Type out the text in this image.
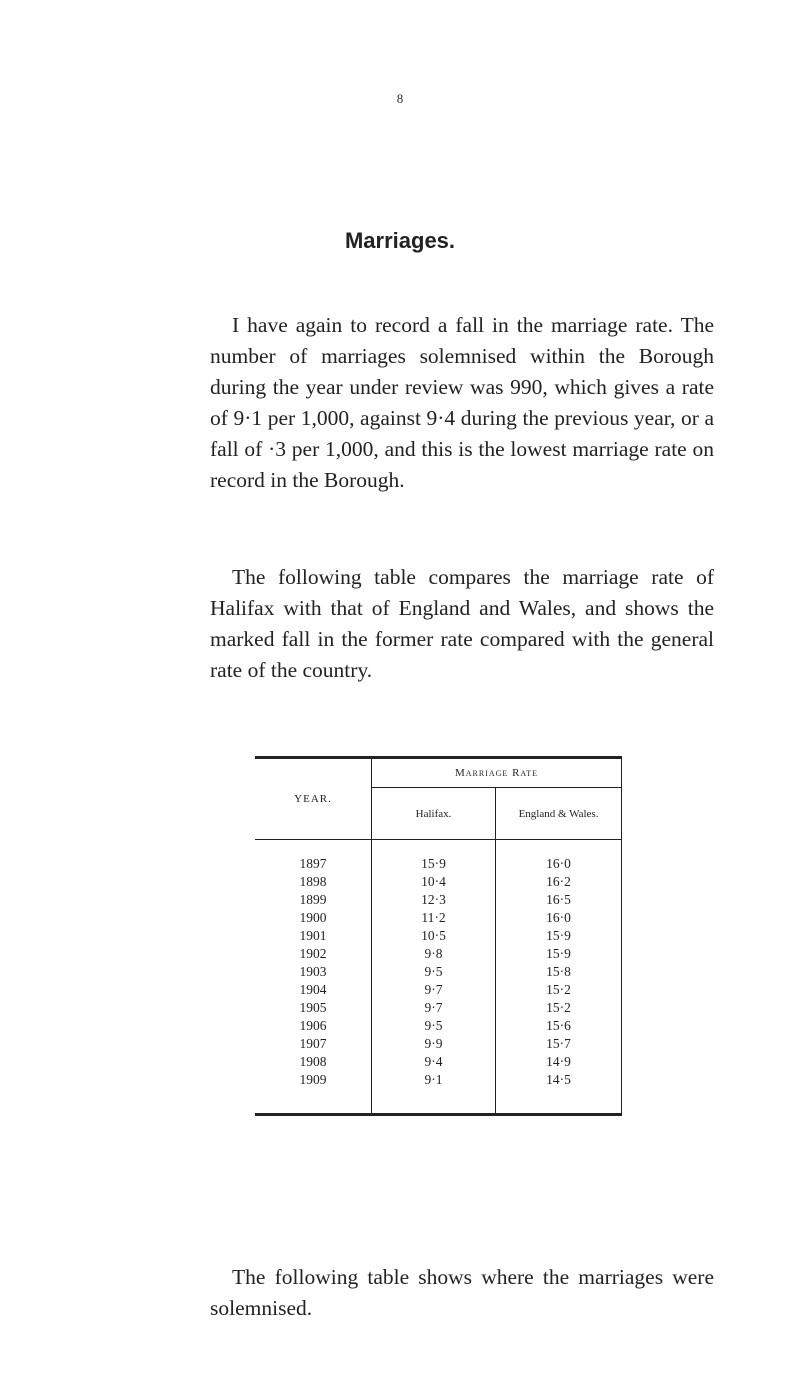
8
Marriages.

I have again to record a fall in the marriage rate. The number of marriages solemnised within the Borough during the year under review was 990, which gives a rate of 9·1 per 1,000, against 9·4 during the previous year, or a fall of ·3 per 1,000, and this is the lowest marriage rate on record in the Borough.

The following table compares the marriage rate of Halifax with that of England and Wales, and shows the marked fall in the former rate compared with the general rate of the country.

YEAR.	Marriage Rate	
	Halifax.	England & Wales.

1897	15·9	16·0
1898	10·4	16·2
1899	12·3	16·5
1900	11·2	16·0
1901	10·5	15·9
1902	9·8	15·9
1903	9·5	15·8
1904	9·7	15·2
1905	9·7	15·2
1906	9·5	15·6
1907	9·9	15·7
1908	9·4	14·9
1909	9·1	14·5

The following table shows where the marriages were solemnised.
